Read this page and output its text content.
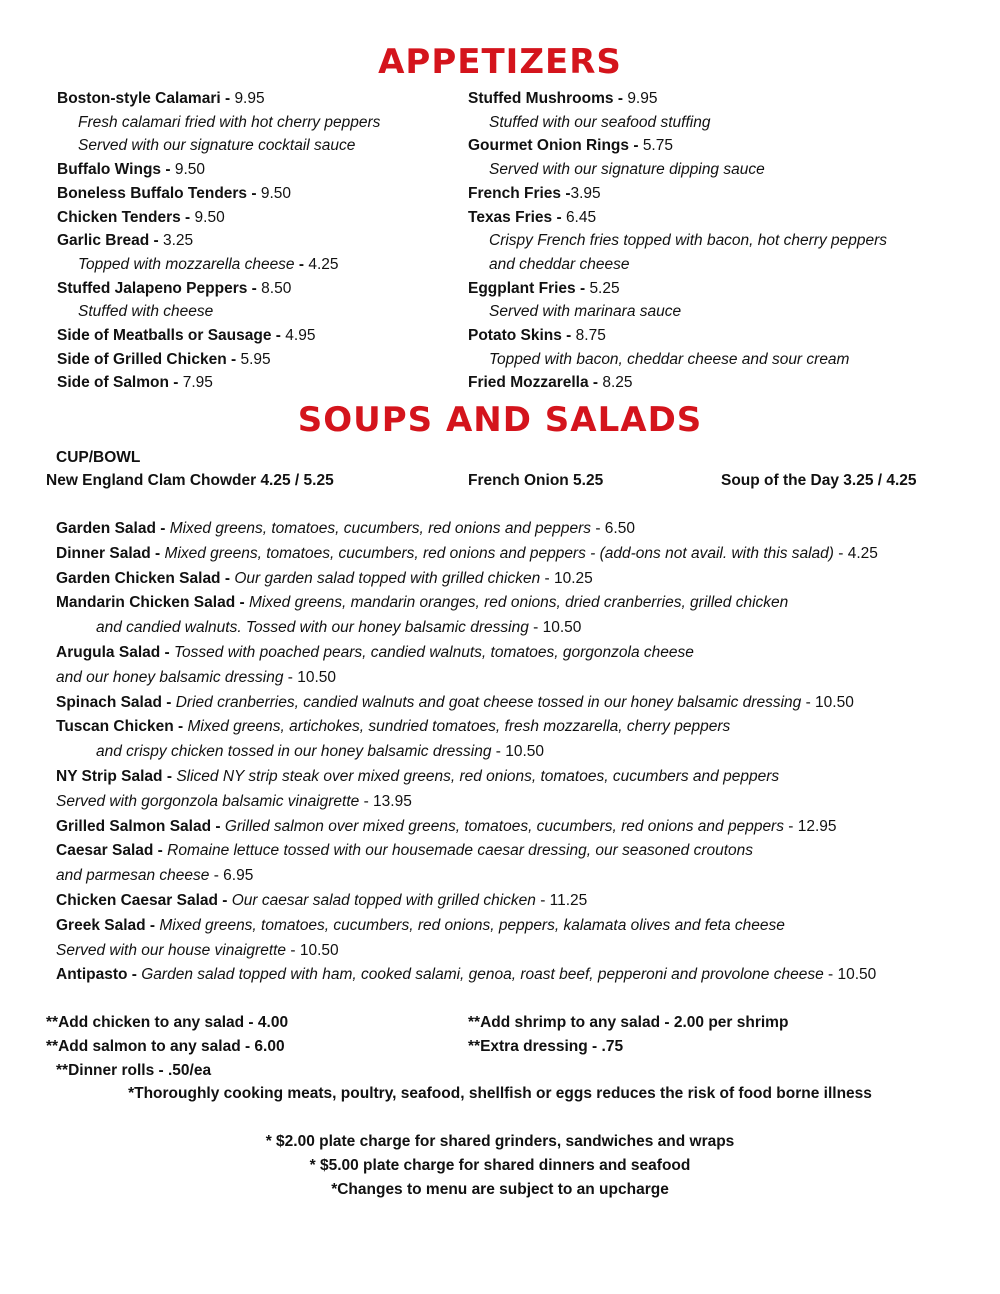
APPETIZERS
Boston-style Calamari - 9.95
Fresh calamari fried with hot cherry peppers
Served with our signature cocktail sauce
Buffalo Wings - 9.50
Boneless Buffalo Tenders - 9.50
Chicken Tenders - 9.50
Garlic Bread - 3.25
Topped with mozzarella cheese - 4.25
Stuffed Jalapeno Peppers - 8.50
Stuffed with cheese
Side of Meatballs or Sausage - 4.95
Side of Grilled Chicken - 5.95
Side of Salmon - 7.95
Stuffed Mushrooms - 9.95
Stuffed with our seafood stuffing
Gourmet Onion Rings - 5.75
Served with our signature dipping sauce
French Fries -3.95
Texas Fries - 6.45
Crispy French fries topped with bacon, hot cherry peppers
and cheddar cheese
Eggplant Fries - 5.25
Served with marinara sauce
Potato Skins - 8.75
Topped with bacon, cheddar cheese and sour cream
Fried Mozzarella - 8.25
SOUPS AND SALADS
CUP/BOWL
New England Clam Chowder 4.25 / 5.25	French Onion 5.25	Soup of the Day 3.25 / 4.25
Garden Salad - Mixed greens, tomatoes, cucumbers, red onions and peppers - 6.50
Dinner Salad - Mixed greens, tomatoes, cucumbers, red onions and peppers - (add-ons not avail. with this salad) - 4.25
Garden Chicken Salad - Our garden salad topped with grilled chicken - 10.25
Mandarin Chicken Salad - Mixed greens, mandarin oranges, red onions, dried cranberries, grilled chicken
and candied walnuts. Tossed with our honey balsamic dressing - 10.50
Arugula Salad - Tossed with poached pears, candied walnuts, tomatoes, gorgonzola cheese
and our honey balsamic dressing - 10.50
Spinach Salad - Dried cranberries, candied walnuts and goat cheese tossed in our honey balsamic dressing - 10.50
Tuscan Chicken - Mixed greens, artichokes, sundried tomatoes, fresh mozzarella, cherry peppers
and crispy chicken tossed in our honey balsamic dressing - 10.50
NY Strip Salad - Sliced NY strip steak over mixed greens, red onions, tomatoes, cucumbers and peppers
Served with gorgonzola balsamic vinaigrette - 13.95
Grilled Salmon Salad - Grilled salmon over mixed greens, tomatoes, cucumbers, red onions and peppers - 12.95
Caesar Salad - Romaine lettuce tossed with our housemade caesar dressing, our seasoned croutons
and parmesan cheese - 6.95
Chicken Caesar Salad - Our caesar salad topped with grilled chicken - 11.25
Greek Salad - Mixed greens, tomatoes, cucumbers, red onions, peppers, kalamata olives and feta cheese
Served with our house vinaigrette - 10.50
Antipasto - Garden salad topped with ham, cooked salami, genoa, roast beef, pepperoni and provolone cheese - 10.50
**Add chicken to any salad - 4.00	**Add shrimp to any salad - 2.00 per shrimp
**Add salmon to any salad - 6.00	**Extra dressing - .75
**Dinner rolls - .50/ea
*Thoroughly cooking meats, poultry, seafood, shellfish or eggs reduces the risk of food borne illness
* $2.00 plate charge for shared grinders, sandwiches and wraps
* $5.00 plate charge for shared dinners and seafood
*Changes to menu are subject to an upcharge
